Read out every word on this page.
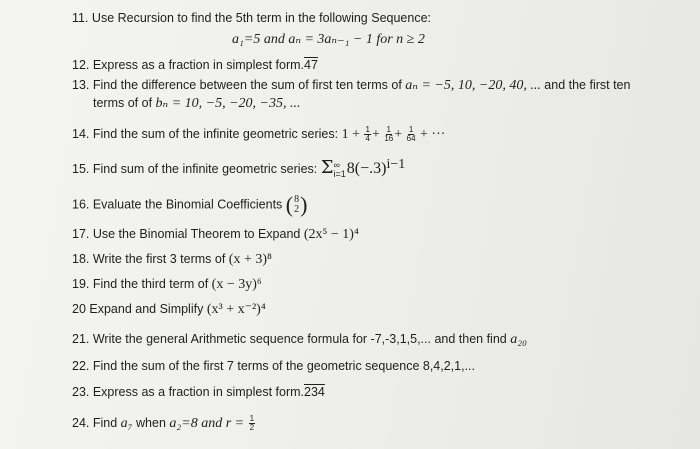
11. Use Recursion to find the 5th term in the following Sequence:
a₁=5 and aₙ = 3aₙ₋₁ − 1 for n ≥ 2
12. Express as a fraction in simplest form.47
13. Find the difference between the sum of first ten terms of aₙ = −5, 10, −20, 40, ... and the first ten
terms of of bₙ = 10, −5, −20, −35, ...
14. Find the sum of the infinite geometric series: $1 + \frac{1}{4} + \frac{1}{16} + \frac{1}{64}$ + ···
15. Find sum of the infinite geometric series: Σ ∞
i=1 $8(-.3)^{i-1}$
16. Evaluate the Binomial Coefficients ( 8
2 )
17. Use the Binomial Theorem to Expand (2x⁵ − 1)⁴
18. Write the first 3 terms of (x + 3)⁸
19. Find the third term of (x − 3y)⁶
20 Expand and Simplify (x³ + x⁻²)⁴
21. Write the general Arithmetic sequence formula for -7,-3,1,5,... and then find a₂₀
22. Find the sum of the first 7 terms of the geometric sequence 8,4,2,1,...
23. Express as a fraction in simplest form.234
24. Find a₇ when a₂=8 and $r = \frac{1}{2}$
